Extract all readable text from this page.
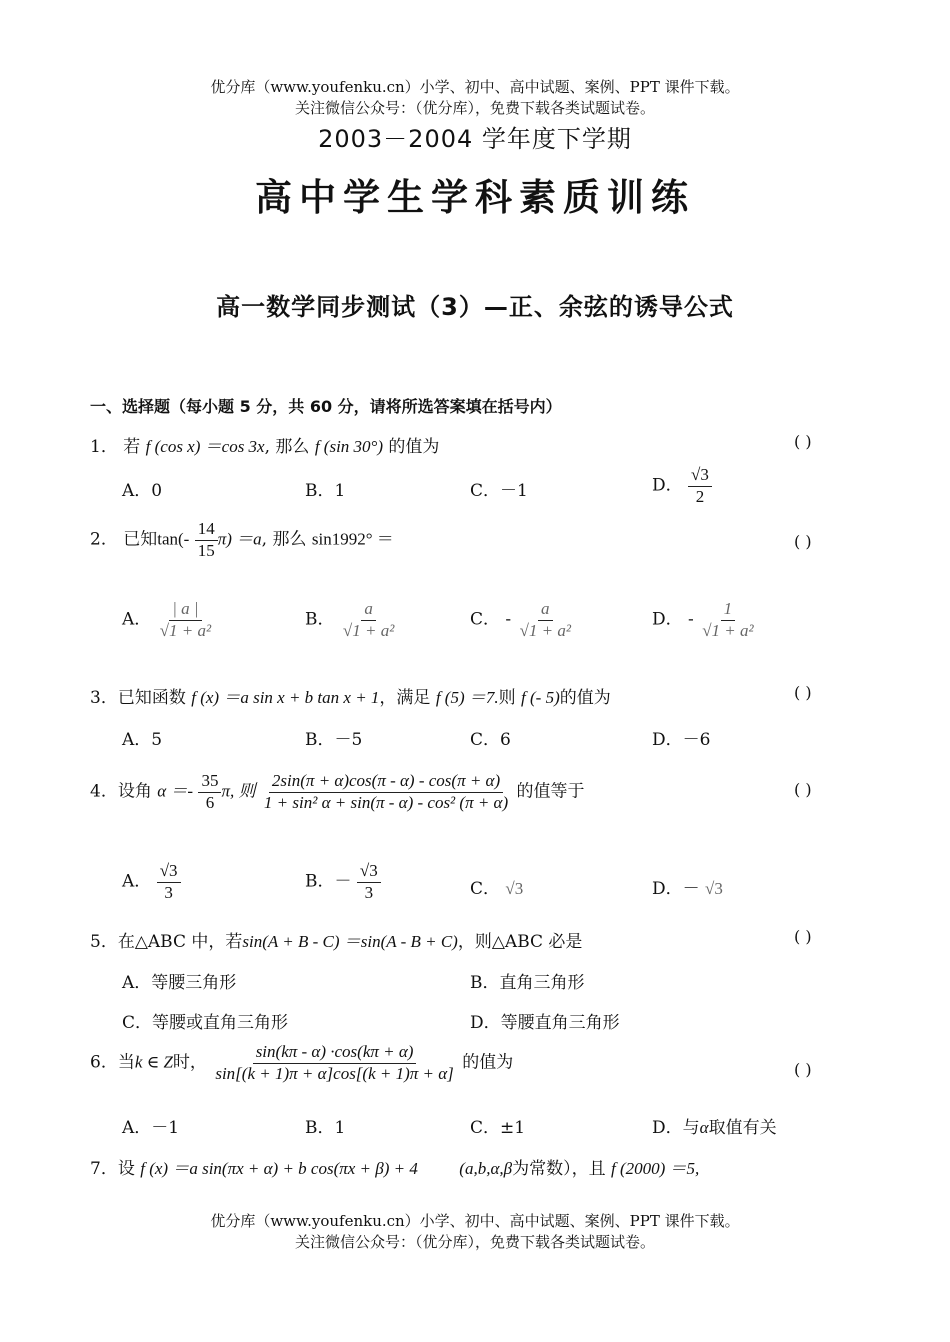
优分库（www.youfenku.cn）小学、初中、高中试题、案例、PPT 课件下载。
关注微信公众号：（优分库），免费下载各类试题试卷。
2003－2004 学年度下学期
高中学生学科素质训练
高一数学同步测试（3）—正、余弦的诱导公式
一、选择题（每小题 5 分，共 60 分，请将所选答案填在括号内）
1． 若 f (cos x) ＝cos 3x, 那么 f (sin 30°) 的值为	( )
A．0	B．1	C．－1	D． $\frac{√3}{2}$
2． 已知$\tan(- \frac{14}{15} \pi) =a$, 那么 sin1992° ＝	( )
A． $\frac{| a |}{\text{√1 + a²}}$	B． $\frac{a}{\text{√1 + a²}}$	C． - $\frac{a}{\text{√1 + a²}}$	D． - $\frac{1}{\text{√1 + a²}}$
3．已知函数 f (x) ＝a sin x + b tan x + 1，满足 f (5) ＝7.则 f (- 5)的值为	( )
A．5	B．－5	C．6	D．－6
4．设角 $\alpha =- \frac{35}{6} \pi$, 则 $\frac{2\sin(\pi + \alpha)\cos(\pi - \alpha) - \cos(\pi + \alpha)}{\text{1 + sin² α + sin(π - α) - cos² (π + α)}}$ 的值等于	( )
A． $\frac{√3}{3}$	B．－ $\frac{√3}{3}$	C． √3	D．－ √3
5．在△ABC 中，若sin(A + B - C) ＝sin(A - B + C)，则△ABC 必是	( )
A．等腰三角形	B．直角三角形
C．等腰或直角三角形	D．等腰直角三角形
6．当k ∈ Z时， $\frac{\sin(k\pi - \alpha) \cdot\cos(k\pi + \alpha)}{\sin[(k + 1)\pi + \alpha]\cos[(k + 1)\pi + \alpha]}$ 的值为	( )
A．－1	B．1	C．±1	D．与α取值有关
7．设 f (x) ＝a sin(πx + α) + b cos(πx + β) + 4 (a,b,α,β为常数），且 f (2000) ＝5,
优分库（www.youfenku.cn）小学、初中、高中试题、案例、PPT 课件下载。
关注微信公众号：（优分库），免费下载各类试题试卷。
